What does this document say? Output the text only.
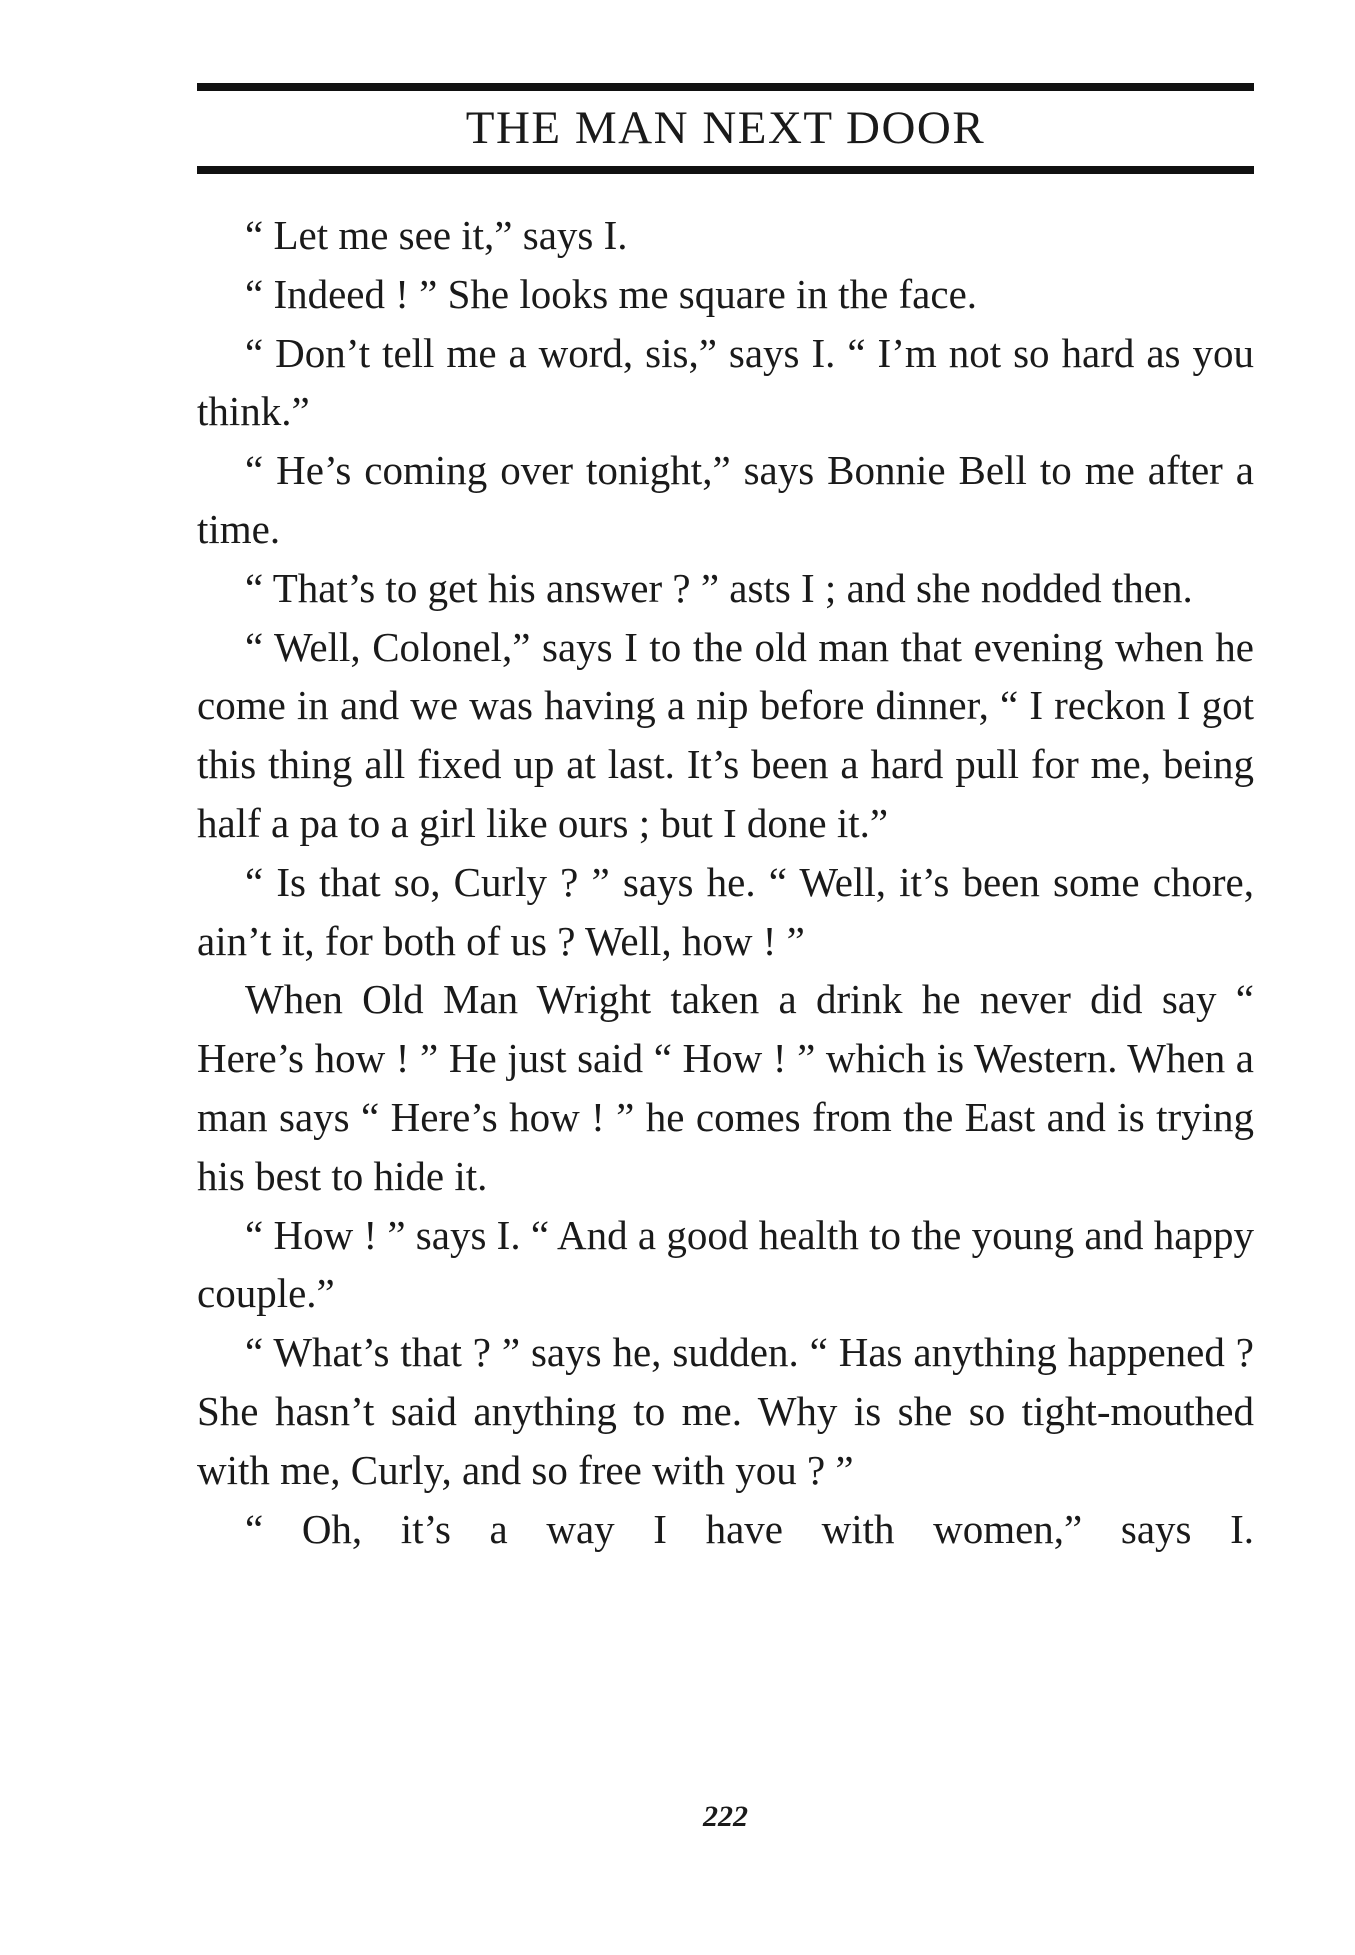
THE MAN NEXT DOOR

“ Let me see it,” says I.

“ Indeed ! ” She looks me square in the face.

“ Don’t tell me a word, sis,” says I. “ I’m not so hard as you think.”

“ He’s coming over tonight,” says Bonnie Bell to me after a time.

“ That’s to get his answer ? ” asts I ; and she nodded then.

“ Well, Colonel,” says I to the old man that evening when he come in and we was having a nip before dinner, “ I reckon I got this thing all fixed up at last. It’s been a hard pull for me, being half a pa to a girl like ours ; but I done it.”

“ Is that so, Curly ? ” says he. “ Well, it’s been some chore, ain’t it, for both of us ? Well, how ! ”

When Old Man Wright taken a drink he never did say “ Here’s how ! ” He just said “ How ! ” which is Western. When a man says “ Here’s how ! ” he comes from the East and is trying his best to hide it.

“ How ! ” says I. “ And a good health to the young and happy couple.”

“ What’s that ? ” says he, sudden. “ Has anything happened ? She hasn’t said anything to me. Why is she so tight-mouthed with me, Curly, and so free with you ? ”

“ Oh, it’s a way I have with women,” says I.

222
